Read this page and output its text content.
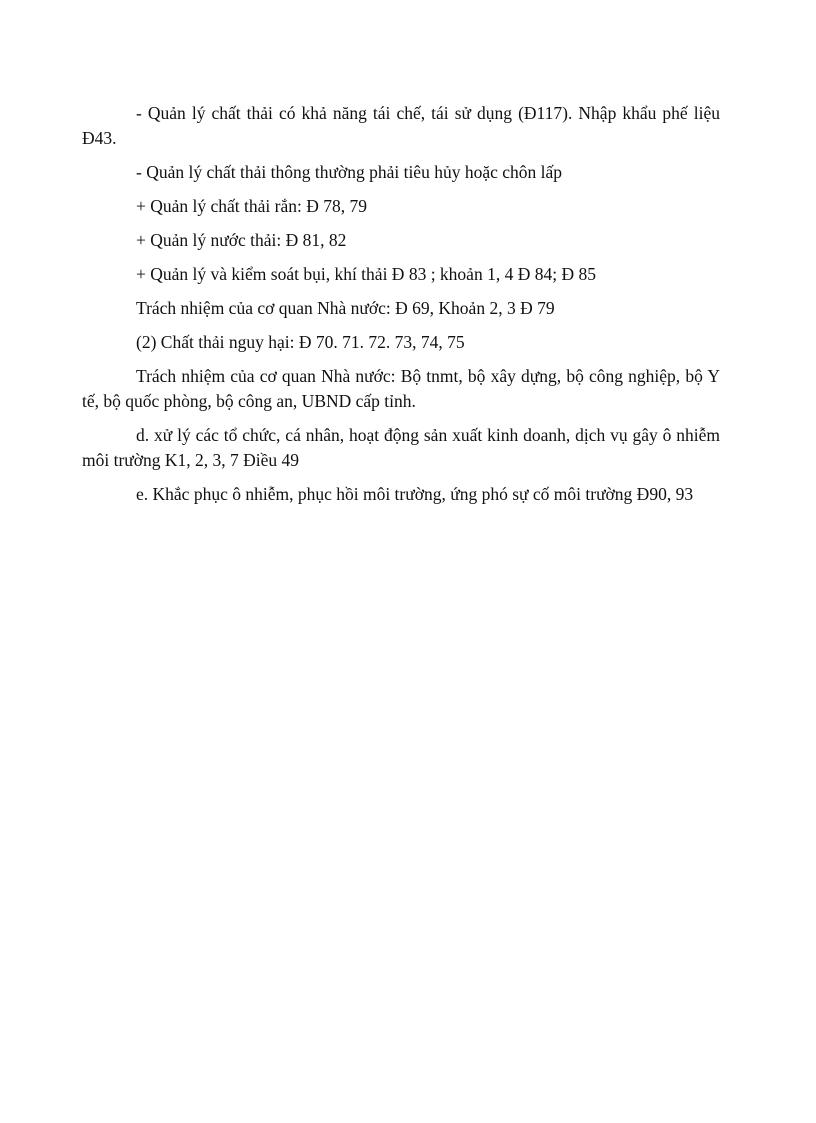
- Quản lý chất thải có khả năng tái chế, tái sử dụng (Đ117). Nhập khẩu phế liệu Đ43.

- Quản lý chất thải thông thường phải tiêu hủy hoặc chôn lấp

+ Quản lý chất thải rắn: Đ 78, 79

+ Quản lý nước thải: Đ 81, 82

+ Quản lý và kiểm soát bụi, khí thải Đ 83 ; khoản 1, 4 Đ 84; Đ 85

Trách nhiệm của cơ quan Nhà nước: Đ 69, Khoản 2, 3 Đ 79

(2) Chất thải nguy hại: Đ 70. 71. 72. 73, 74, 75

Trách nhiệm của cơ quan Nhà nước: Bộ tnmt, bộ xây dựng, bộ công nghiệp, bộ Y tế, bộ quốc phòng, bộ công an, UBND cấp tỉnh.

d. xử lý các tổ chức, cá nhân, hoạt động sản xuất kinh doanh, dịch vụ gây ô nhiễm môi trường K1, 2, 3, 7 Điều 49

e. Khắc phục ô nhiễm, phục hồi môi trường, ứng phó sự cố môi trường Đ90, 93
